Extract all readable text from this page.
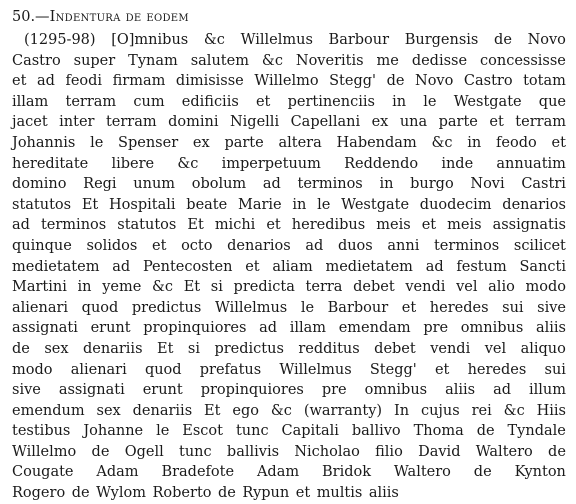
50.—Indentura de eodem
(1295-98) [O]mnibus &c Willelmus Barbour Burgensis de Novo
Castro super Tynam salutem &c Noveritis me dedisse concessisse
et ad feodi firmam dimisisse Willelmo Stegg' de Novo Castro totam
illam terram cum edificiis et pertinenciis in le Westgate que
jacet inter terram domini Nigelli Capellani ex una parte et terram
Johannis le Spenser ex parte altera Habendam &c in feodo et
hereditate libere &c imperpetuum Reddendo inde annuatim
domino Regi unum obolum ad terminos in burgo Novi Castri
statutos Et Hospitali beate Marie in le Westgate duodecim denarios
ad terminos statutos Et michi et heredibus meis et meis assignatis
quinque solidos et octo denarios ad duos anni terminos scilicet
medietatem ad Pentecosten et aliam medietatem ad festum Sancti
Martini in yeme &c Et si predicta terra debet vendi vel alio modo
alienari quod predictus Willelmus le Barbour et heredes sui sive
assignati erunt propinquiores ad illam emendam pre omnibus aliis
de sex denariis Et si predictus redditus debet vendi vel aliquo
modo alienari quod prefatus Willelmus Stegg' et heredes sui
sive assignati erunt propinquiores pre omnibus aliis ad illum
emendum sex denariis Et ego &c (warranty) In cujus rei &c Hiis
testibus Johanne le Escot tunc Capitali ballivo Thoma de Tyndale
Willelmo de Ogell tunc ballivis Nicholao filio David Waltero de
Cougate Adam Bradefote Adam Bridok Waltero de Kynton
Rogero de Wylom Roberto de Rypun et multis aliis
